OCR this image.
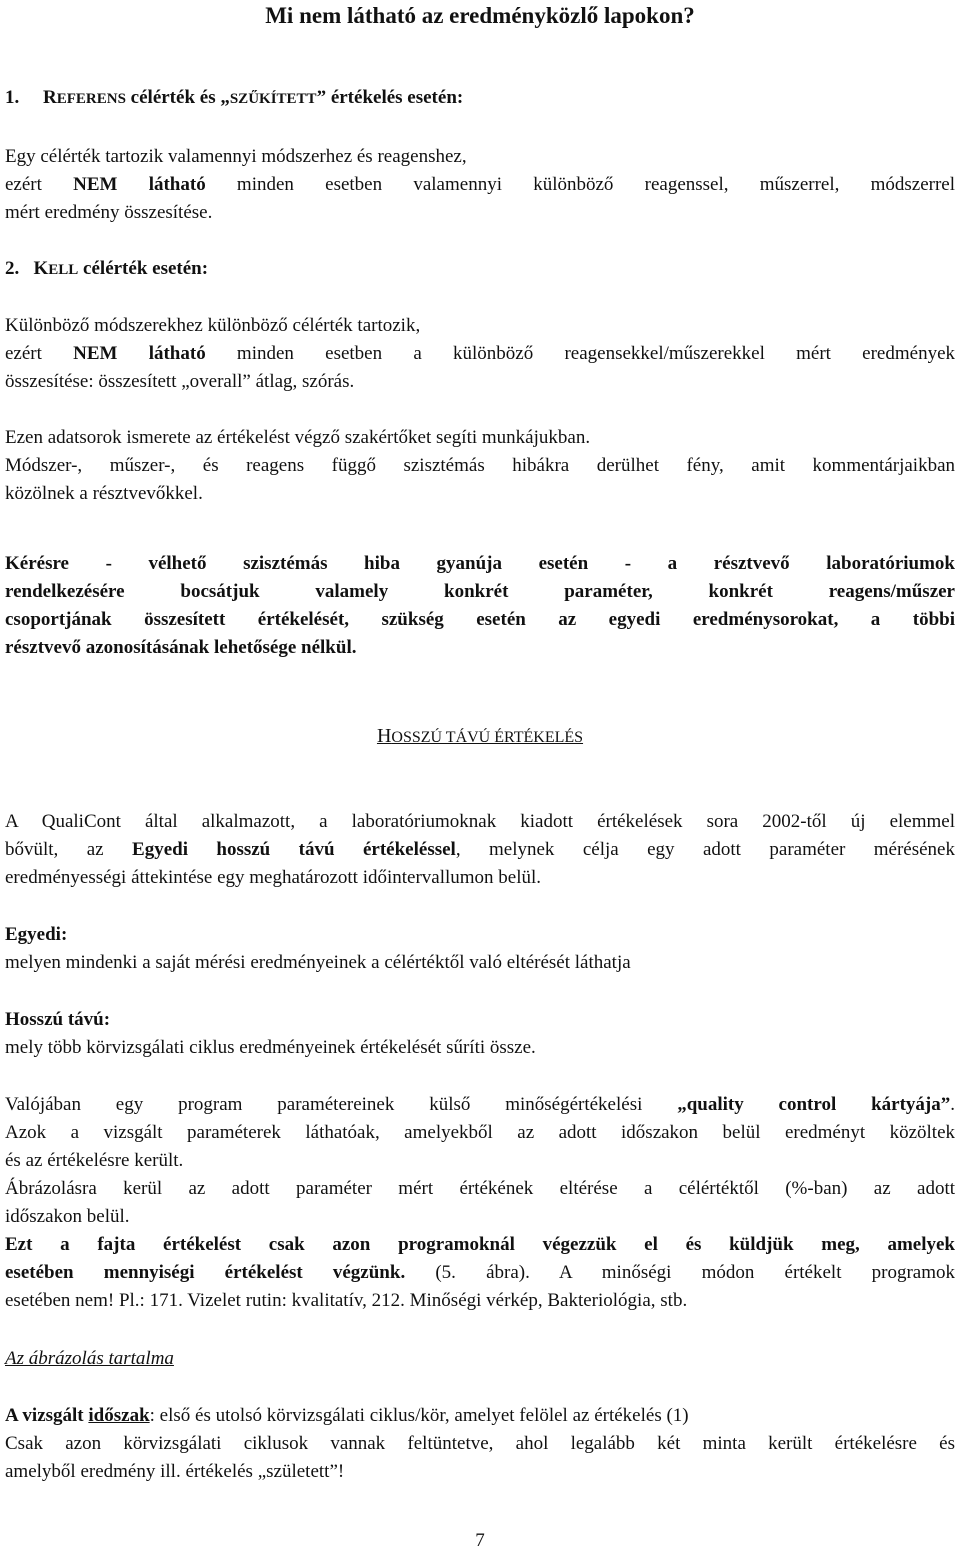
Mi nem látható az eredményközlő lapokon?
1. REFERENS célérték és „SZŰKÍTETT” értékelés esetén:
Egy célérték tartozik valamennyi módszerhez és reagenshez,
ezért NEM látható minden esetben valamennyi különböző reagenssel, műszerrel, módszerrel
mért eredmény összesítése.
2. KELL célérték esetén:
Különböző módszerekhez különböző célérték tartozik,
ezért NEM látható minden esetben a különböző reagensekkel/műszerekkel mért eredmények
összesítése: összesített „overall” átlag, szórás.
Ezen adatsorok ismerete az értékelést végző szakértőket segíti munkájukban.
Módszer-, műszer-, és reagens függő szisztémás hibákra derülhet fény, amit kommentárjaikban
közölnek a résztvevőkkel.
Kérésre - vélhető szisztémás hiba gyanúja esetén - a résztvevő laboratóriumok
rendelkezésére bocsátjuk valamely konkrét paraméter, konkrét reagens/műszer
csoportjának összesített értékelését, szükség esetén az egyedi eredménysorokat, a többi
résztvevő azonosításának lehetősége nélkül.
HOSSZÚ TÁVÚ ÉRTÉKELÉS
A QualiCont által alkalmazott, a laboratóriumoknak kiadott értékelések sora 2002-től új elemmel
bővült, az Egyedi hosszú távú értékeléssel, melynek célja egy adott paraméter mérésének
eredményességi áttekintése egy meghatározott időintervallumon belül.
Egyedi:
melyen mindenki a saját mérési eredményeinek a célértéktől való eltérését láthatja
Hosszú távú:
mely több körvizsgálati ciklus eredményeinek értékelését sűríti össze.
Valójában egy program paramétereinek külső minőségértékelési „quality control kártyája”.
Azok a vizsgált paraméterek láthatóak, amelyekből az adott időszakon belül eredményt közöltek
és az értékelésre került.
Ábrázolásra kerül az adott paraméter mért értékének eltérése a célértéktől (%-ban) az adott
időszakon belül.
Ezt a fajta értékelést csak azon programoknál végezzük el és küldjük meg, amelyek
esetében mennyiségi értékelést végzünk. (5. ábra). A minőségi módon értékelt programok
esetében nem! Pl.: 171. Vizelet rutin: kvalitatív, 212. Minőségi vérkép, Bakteriológia, stb.
Az ábrázolás tartalma
A vizsgált időszak: első és utolsó körvizsgálati ciklus/kör, amelyet felölel az értékelés (1)
Csak azon körvizsgálati ciklusok vannak feltüntetve, ahol legalább két minta került értékelésre és
amelyből eredmény ill. értékelés „született”!
7
